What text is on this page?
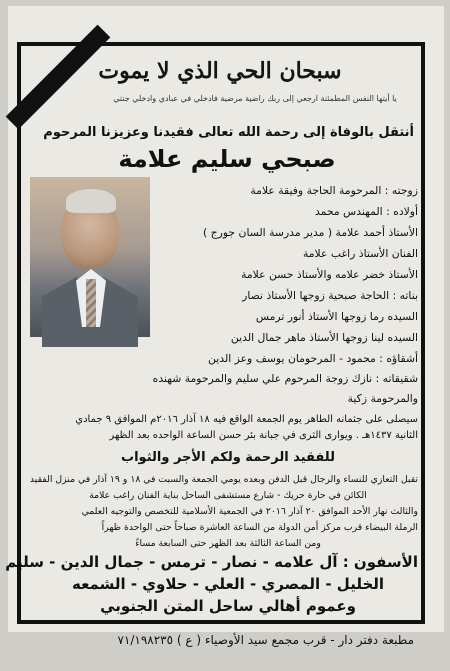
سبحان الحي الذي لا يموت
يا أيتها النفس المطمئنة ارجعي إلى ربك راضية مرضية فادخلي في عبادي وادخلي جنتي
أنتقل بالوفاة إلى رحمة الله تعالى فقيدنا وعزيزنا المرحوم
صبحي سليم علامة
زوجته : المرحومة الحاجة وفيقة علامة
أولاده : المهندس محمد
الأستاذ أحمد علامة ( مدير مدرسة السان جورج )
الفنان الأستاذ راغب علامة
الأستاذ خضر علامه والأستاذ حسن علامة
بناته : الحاجة صبحية زوجها الأستاذ نصار
السيده رما زوجها الأستاذ أنور ترمس
السيده لينا زوجها الأستاذ ماهر جمال الدين
أشقاؤه : محمود - المرحومان يوسف وعز الدين
شقيقاته : نازك زوجة المرحوم علي سليم والمرحومة شهنده
والمرحومة زكية
سيصلى على جثمانه الطاهر يوم الجمعة الواقع فيه ١٨ آذار ٢٠١٦م الموافق ٩ جمادي
الثانية ١٤٣٧هـ . ويوارى الثرى في جبانة بئر حسن الساعة الواحده بعد الظهر
للفقيد الرحمة ولكم الأجر والثواب
تقبل التعازي للنساء والرجال قبل الدفن وبعده يومي الجمعة والسبت في ١٨ و ١٩ آذار في منزل الفقيد
الكائن في حارة حريك - شارع مستشفى الساحل بناية الفنان راغب علامة
والثالث نهار الأحد الموافق ٢٠ آذار ٢٠١٦ في الجمعية الأسلامية للتخصص والتوجيه العلمي
الرملة البيضاء قرب مركز أمن الدولة من الساعة العاشرة صباحاً حتى الواحدة ظهراً
ومن الساعة الثالثة بعد الظهر حتى السابعة مساءً
الأسفون : آل علامه - نصار - ترمس - جمال الدين - سليم
الخليل - المصري - العلي - حلاوي - الشمعه
وعموم أهالي ساحل المتن الجنوبي
مطبعة دفتر دار - قرب مجمع سيد الأوصياء ( ع ) ٧١/١٩٨٢٣٥
